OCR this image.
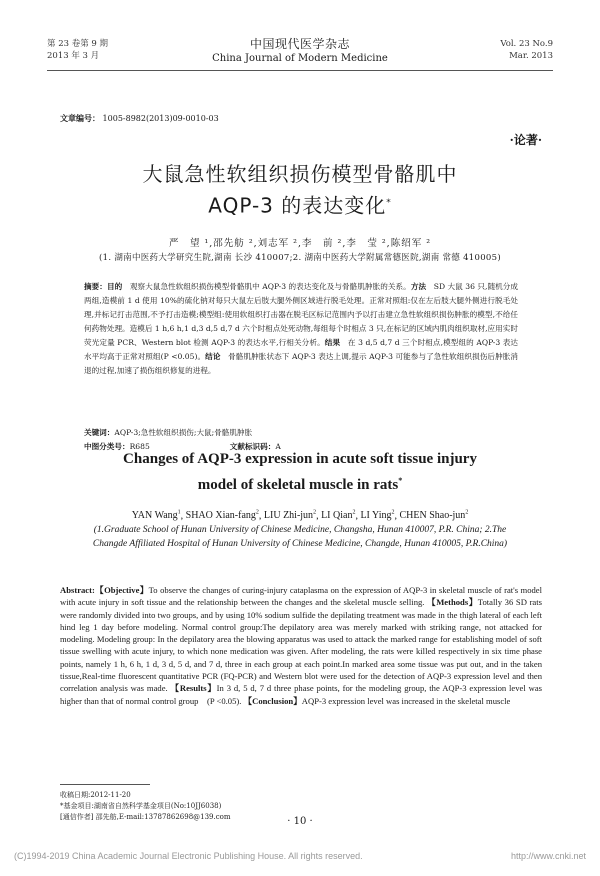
第 23 卷第 9 期
2013 年 3 月
中国现代医学杂志
China Journal of Modern Medicine
Vol. 23 No.9
Mar. 2013
文章编号： 1005-8982(2013)09-0010-03
·论著·
大鼠急性软组织损伤模型骨骼肌中
AQP-3 的表达变化*
严　望 ¹,邵先舫 ²,刘志军 ²,李　前 ²,李　莹 ²,陈绍军 ²
(1. 湖南中医药大学研究生院,湖南 长沙 410007;2. 湖南中医药大学附属常德医院,湖南 常德 410005)
摘要：目的　观察大鼠急性软组织损伤模型骨骼肌中 AQP-3 的表达变化及与骨骼肌肿胀的关系。方法　SD 大鼠 36 只,随机分成两组,造模前 1 d 使用 10%的硫化钠对每只大鼠左后肢大腿外侧区域进行脱毛处理。正常对照组:仅在左后肢大腿外侧进行脱毛处理,并标记打击范围,不予打击造模;模型组:使用软组织打击器在脱毛区标记范围内予以打击建立急性软组织损伤肿胀的模型,不给任何药物处理。造模后 1 h,6 h,1 d,3 d,5 d,7 d 六个时相点处死动物,每组每个时相点 3 只,在标记的区域内肌肉组织取材,应用实时荧光定量 PCR、Western blot 检测 AQP-3 的表达水平,行相关分析。结果　在 3 d,5 d,7 d 三个时相点,模型组的 AQP-3 表达水平均高于正常对照组(P <0.05)。结论　骨骼肌肿胀状态下 AQP-3 表达上调,提示 AQP-3 可能参与了急性软组织损伤后肿胀消退的过程,加速了损伤组织修复的进程。
关键词：AQP-3;急性软组织损伤;大鼠;骨骼肌肿胀
中图分类号：R685	文献标识码：A
Changes of AQP-3 expression in acute soft tissue injury
model of skeletal muscle in rats*
YAN Wang$^1$, SHAO Xian-fang$^2$, LIU Zhi-jun$^2$, LI Qian$^2$, LI Ying$^2$, CHEN Shao-jun$^2$
(1.Graduate School of Hunan University of Chinese Medicine, Changsha, Hunan 410007, P.R. China; 2.The Changde Affiliated Hospital of Hunan University of Chinese Medicine, Changde, Hunan 410005, P.R.China)
Abstract:【Objective】To observe the changes of curing-injury cataplasma on the expression of AQP-3 in skeletal muscle of rat's model with acute injury in soft tissue and the relationship between the changes and the skeletal muscle selling. 【Methods】Totally 36 SD rats were randomly divided into two groups, and by using 10% sodium sulfide the depilating treatment was made in the thigh lateral of each left hind leg 1 day before modeling. Normal control group:The depilatory area was merely marked with striking range, not attacked for modeling. Modeling group: In the depilatory area the blowing apparatus was used to attack the marked range for establishing model of soft tissue swelling with acute injury, to which none medication was given. After modeling, the rats were killed respectively in six time phase points, namely 1 h, 6 h, 1 d, 3 d, 5 d, and 7 d, three in each group at each point.In marked area some tissue was put out, and in the taken tissue,Real-time fluorescent quantitative PCR (FQ-PCR) and Western blot were used for the detection of AQP-3 expression level and then correlation analysis was made. 【Results】In 3 d, 5 d, 7 d three phase points, for the modeling group, the AQP-3 expression level was higher than that of normal control group　(P <0.05). 【Conclusion】AQP-3 expression level was increased in the skeletal muscle
收稿日期:2012-11-20
*基金项目:湖南省自然科学基金项目(No:10JJ6038)
[通信作者] 邵先舫,E-mail:13787862698@139.com	· 10 ·
(C)1994-2019 China Academic Journal Electronic Publishing House. All rights reserved.	http://www.cnki.net
